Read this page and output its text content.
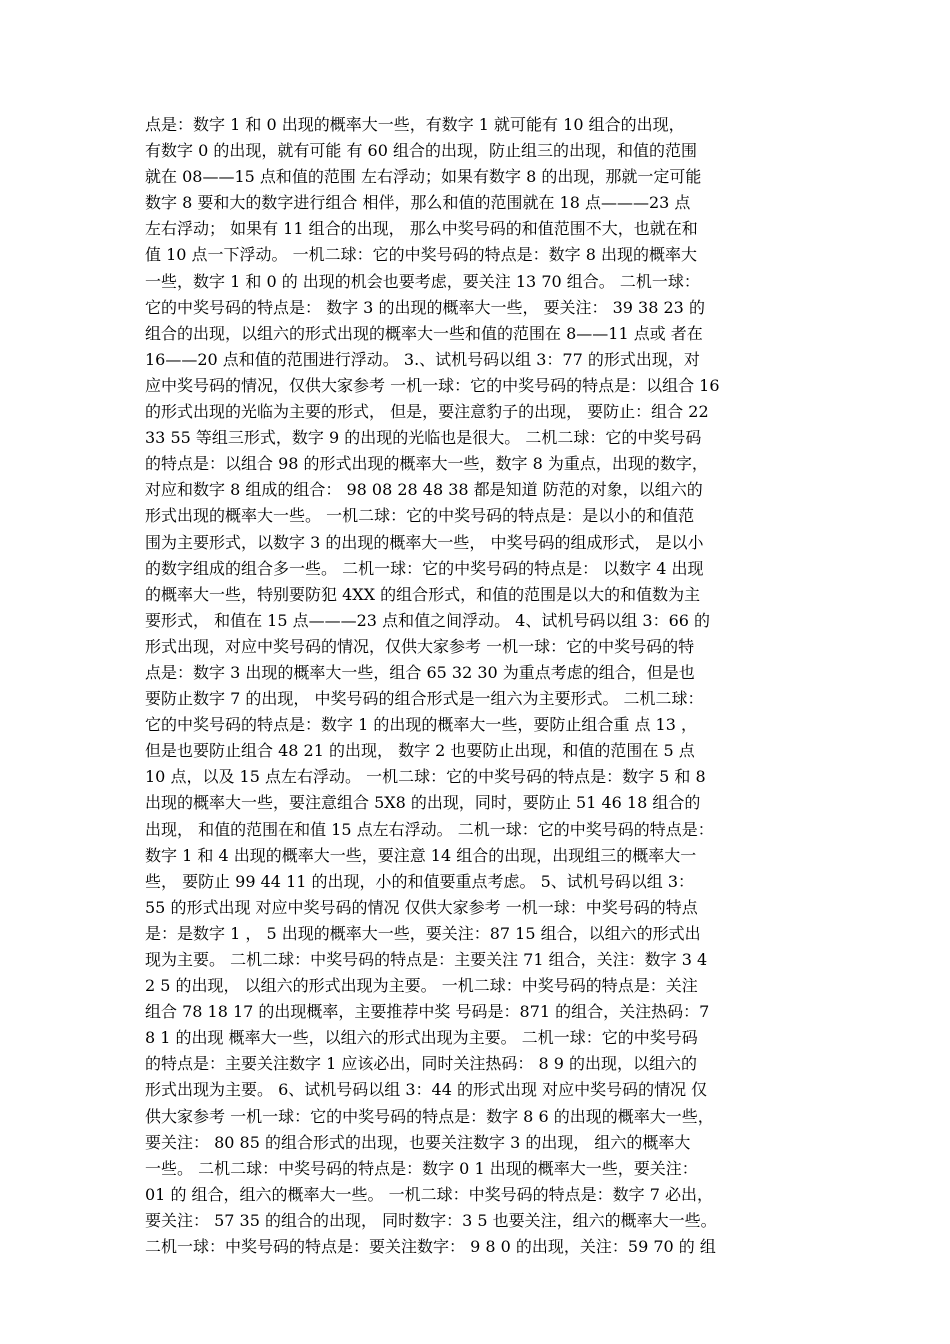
点是：数字 1 和 0 出现的概率大一些，有数字 1 就可能有 10 组合的出现，
有数字 0 的出现，就有可能 有 60 组合的出现，防止组三的出现，和值的范围
就在 08——15 点和值的范围 左右浮动；如果有数字 8 的出现，那就一定可能
数字 8 要和大的数字进行组合 相伴，那么和值的范围就在 18 点———23 点
左右浮动； 如果有 11 组合的出现， 那么中奖号码的和值范围不大，也就在和
值 10 点一下浮动。 一机二球：它的中奖号码的特点是：数字 8 出现的概率大
一些，数字 1 和 0 的 出现的机会也要考虑，要关注 13 70 组合。 二机一球：
它的中奖号码的特点是： 数字 3 的出现的概率大一些， 要关注： 39 38 23 的
组合的出现，以组六的形式出现的概率大一些和值的范围在 8——11 点或 者在
16——20 点和值的范围进行浮动。 3.、试机号码以组 3：77 的形式出现，对
应中奖号码的情况，仅供大家参考 一机一球：它的中奖号码的特点是：以组合 16
的形式出现的光临为主要的形式， 但是，要注意豹子的出现， 要防止：组合 22
33 55 等组三形式，数字 9 的出现的光临也是很大。 二机二球：它的中奖号码
的特点是：以组合 98 的形式出现的概率大一些，数字 8 为重点，出现的数字，
对应和数字 8 组成的组合： 98 08 28 48 38 都是知道 防范的对象，以组六的
形式出现的概率大一些。 一机二球：它的中奖号码的特点是：是以小的和值范
围为主要形式，以数字 3 的出现的概率大一些， 中奖号码的组成形式， 是以小
的数字组成的组合多一些。 二机一球：它的中奖号码的特点是： 以数字 4 出现
的概率大一些，特别要防犯 4XX 的组合形式，和值的范围是以大的和值数为主
要形式， 和值在 15 点———23 点和值之间浮动。 4、试机号码以组 3：66 的
形式出现，对应中奖号码的情况，仅供大家参考 一机一球：它的中奖号码的特
点是：数字 3 出现的概率大一些，组合 65 32 30 为重点考虑的组合，但是也
要防止数字 7 的出现， 中奖号码的组合形式是一组六为主要形式。 二机二球：
它的中奖号码的特点是：数字 1 的出现的概率大一些，要防止组合重 点 13 ，
但是也要防止组合 48 21 的出现， 数字 2 也要防止出现，和值的范围在 5 点
10 点，以及 15 点左右浮动。 一机二球：它的中奖号码的特点是：数字 5 和 8
出现的概率大一些，要注意组合 5X8 的出现，同时，要防止 51 46 18 组合的
出现， 和值的范围在和值 15 点左右浮动。 二机一球：它的中奖号码的特点是：
数字 1 和 4 出现的概率大一些，要注意 14 组合的出现，出现组三的概率大一
些， 要防止 99 44 11 的出现，小的和值要重点考虑。 5、试机号码以组 3：
55 的形式出现 对应中奖号码的情况 仅供大家参考 一机一球：中奖号码的特点
是：是数字 1 ， 5 出现的概率大一些，要关注：87 15 组合，以组六的形式出
现为主要。 二机二球：中奖号码的特点是：主要关注 71 组合，关注：数字 3 4
2 5 的出现， 以组六的形式出现为主要。 一机二球：中奖号码的特点是：关注
组合 78 18 17 的出现概率，主要推荐中奖 号码是：871 的组合，关注热码：7
8 1 的出现 概率大一些，以组六的形式出现为主要。 二机一球：它的中奖号码
的特点是：主要关注数字 1 应该必出，同时关注热码： 8 9 的出现，以组六的
形式出现为主要。 6、试机号码以组 3：44 的形式出现 对应中奖号码的情况 仅
供大家参考 一机一球：它的中奖号码的特点是：数字 8 6 的出现的概率大一些，
要关注： 80 85 的组合形式的出现，也要关注数字 3 的出现， 组六的概率大
一些。 二机二球：中奖号码的特点是：数字 0 1 出现的概率大一些，要关注：
01 的 组合，组六的概率大一些。 一机二球：中奖号码的特点是：数字 7 必出，
要关注： 57 35 的组合的出现， 同时数字：3 5 也要关注，组六的概率大一些。
二机一球：中奖号码的特点是：要关注数字： 9 8 0 的出现，关注：59 70 的 组
